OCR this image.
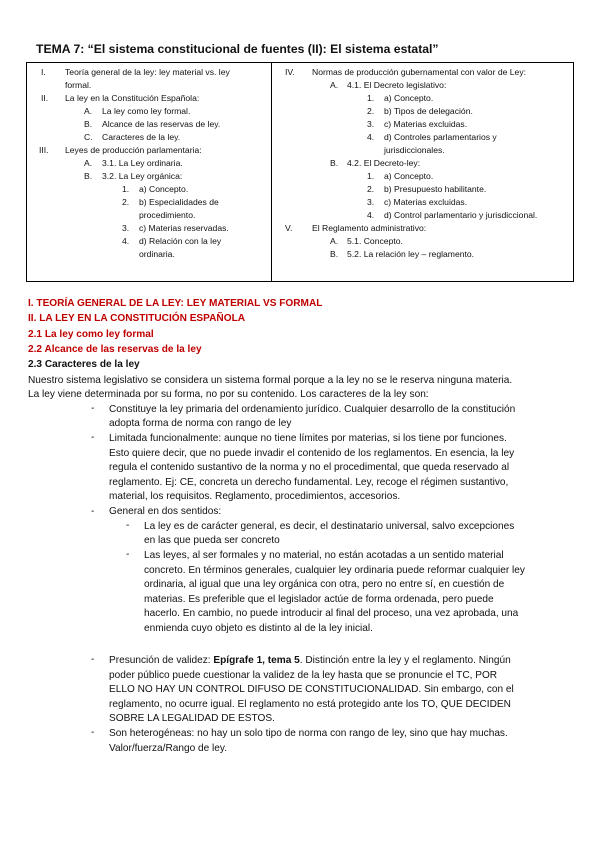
TEMA 7: “El sistema constitucional de fuentes (II): El sistema estatal”
I. Teoría general de la ley: ley material vs. ley
formal.
II. La ley en la Constitución Española:
A. La ley como ley formal.
B. Alcance de las reservas de ley.
C. Caracteres de la ley.
III. Leyes de producción parlamentaria:
A. 3.1. La Ley ordinaria.
B. 3.2. La Ley orgánica:
1. a) Concepto.
2. b) Especialidades de
procedimiento.
3. c) Materias reservadas.
4. d) Relación con la ley
ordinaria.
IV. Normas de producción gubernamental con valor de Ley:
A. 4.1. El Decreto legislativo:
1. a) Concepto.
2. b) Tipos de delegación.
3. c) Materias excluidas.
4. d) Controles parlamentarios y
jurisdiccionales.
B. 4.2. El Decreto-ley:
1. a) Concepto.
2. b) Presupuesto habilitante.
3. c) Materias excluidas.
4. d) Control parlamentario y jurisdiccional.
V. El Reglamento administrativo:
A. 5.1. Concepto.
B. 5.2. La relación ley – reglamento.
I. TEORÍA GENERAL DE LA LEY: LEY MATERIAL VS FORMAL
II. LA LEY EN LA CONSTITUCIÓN ESPAÑOLA
2.1 La ley como ley formal
2.2 Alcance de las reservas de la ley
2.3 Caracteres de la ley
Nuestro sistema legislativo se considera un sistema formal porque a la ley no se le reserva ninguna materia.
La ley viene determinada por su forma, no por su contenido. Los caracteres de la ley son:
- Constituye la ley primaria del ordenamiento jurídico. Cualquier desarrollo de la constitución
adopta forma de norma con rango de ley
- Limitada funcionalmente: aunque no tiene límites por materias, si los tiene por funciones.
Esto quiere decir, que no puede invadir el contenido de los reglamentos. En esencia, la ley
regula el contenido sustantivo de la norma y no el procedimental, que queda reservado al
reglamento. Ej: CE, concreta un derecho fundamental. Ley, recoge el régimen sustantivo,
material, los requisitos. Reglamento, procedimientos, accesorios.
- General en dos sentidos:
- La ley es de carácter general, es decir, el destinatario universal, salvo excepciones
en las que pueda ser concreto
- Las leyes, al ser formales y no material, no están acotadas a un sentido material
concreto. En términos generales, cualquier ley ordinaria puede reformar cualquier ley
ordinaria, al igual que una ley orgánica con otra, pero no entre sí, en cuestión de
materias. Es preferible que el legislador actúe de forma ordenada, pero puede
hacerlo. En cambio, no puede introducir al final del proceso, una vez aprobada, una
enmienda cuyo objeto es distinto al de la ley inicial.
- Presunción de validez: Epígrafe 1, tema 5. Distinción entre la ley y el reglamento. Ningún
poder público puede cuestionar la validez de la ley hasta que se pronuncie el TC, POR
ELLO NO HAY UN CONTROL DIFUSO DE CONSTITUCIONALIDAD. Sin embargo, con el
reglamento, no ocurre igual. El reglamento no está protegido ante los TO, QUE DECIDEN
SOBRE LA LEGALIDAD DE ESTOS.
- Son heterogéneas: no hay un solo tipo de norma con rango de ley, sino que hay muchas.
Valor/fuerza/Rango de ley.
